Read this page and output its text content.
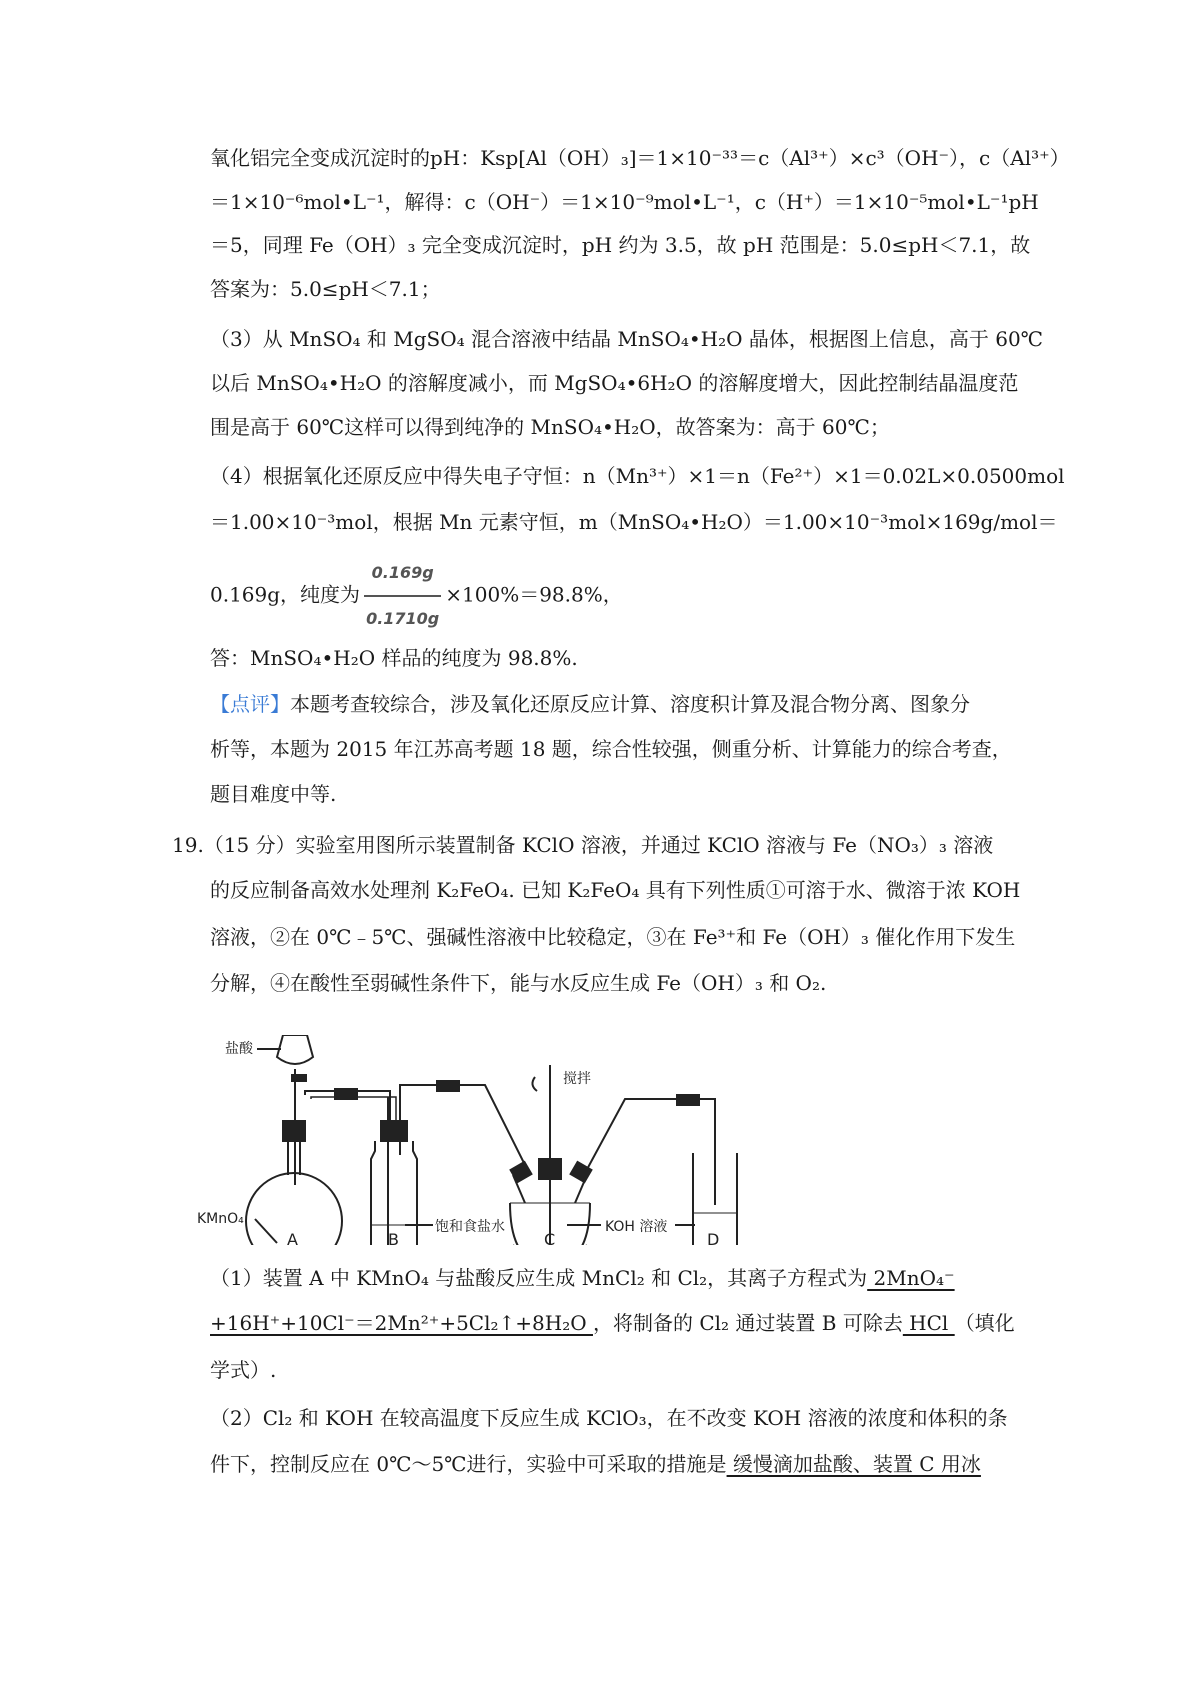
氧化铝完全变成沉淀时的pH：Ksp[Al（OH）₃]＝1×10⁻³³＝c（Al³⁺）×c³（OH⁻），c（Al³⁺）
＝1×10⁻⁶mol•L⁻¹，解得：c（OH⁻）＝1×10⁻⁹mol•L⁻¹，c（H⁺）＝1×10⁻⁵mol•L⁻¹pH
＝5，同理 Fe（OH）₃ 完全变成沉淀时，pH 约为 3.5，故 pH 范围是：5.0≤pH＜7.1，故
答案为：5.0≤pH＜7.1；
（3）从 MnSO₄ 和 MgSO₄ 混合溶液中结晶 MnSO₄•H₂O 晶体，根据图上信息，高于 60℃
以后 MnSO₄•H₂O 的溶解度减小，而 MgSO₄•6H₂O 的溶解度增大，因此控制结晶温度范
围是高于 60℃这样可以得到纯净的 MnSO₄•H₂O，故答案为：高于 60℃；
（4）根据氧化还原反应中得失电子守恒：n（Mn³⁺）×1＝n（Fe²⁺）×1＝0.02L×0.0500mol
＝1.00×10⁻³mol，根据 Mn 元素守恒，m（MnSO₄•H₂O）＝1.00×10⁻³mol×169g/mol＝
0.169g，纯度为 $\frac{0.169g}{0.1710g} \times 100\%=98.8\%$，
答：MnSO₄•H₂O 样品的纯度为 98.8%.
【点评】本题考查较综合，涉及氧化还原反应计算、溶度积计算及混合物分离、图象分
析等，本题为 2015 年江苏高考题 18 题，综合性较强，侧重分析、计算能力的综合考查，
题目难度中等.
19.（15 分）实验室用图所示装置制备 KClO 溶液，并通过 KClO 溶液与 Fe（NO₃）₃ 溶液
的反应制备高效水处理剂 K₂FeO₄. 已知 K₂FeO₄ 具有下列性质①可溶于水、微溶于浓 KOH
溶液，②在 0℃﹣5℃、强碱性溶液中比较稳定，③在 Fe³⁺和 Fe（OH）₃ 催化作用下发生
分解，④在酸性至弱碱性条件下，能与水反应生成 Fe（OH）₃ 和 O₂.
盐酸
KMnO₄	饱和食盐水
搅拌
KOH 溶液
A	B	C	D
（1）装置 A 中 KMnO₄ 与盐酸反应生成 MnCl₂ 和 Cl₂，其离子方程式为 2MnO₄⁻
+16H⁺+10Cl⁻＝2Mn²⁺+5Cl₂↑+8H₂O ，将制备的 Cl₂ 通过装置 B 可除去 HCl （填化
学式）.
（2）Cl₂ 和 KOH 在较高温度下反应生成 KClO₃，在不改变 KOH 溶液的浓度和体积的条
件下，控制反应在 0℃～5℃进行，实验中可采取的措施是 缓慢滴加盐酸、装置 C 用冰
